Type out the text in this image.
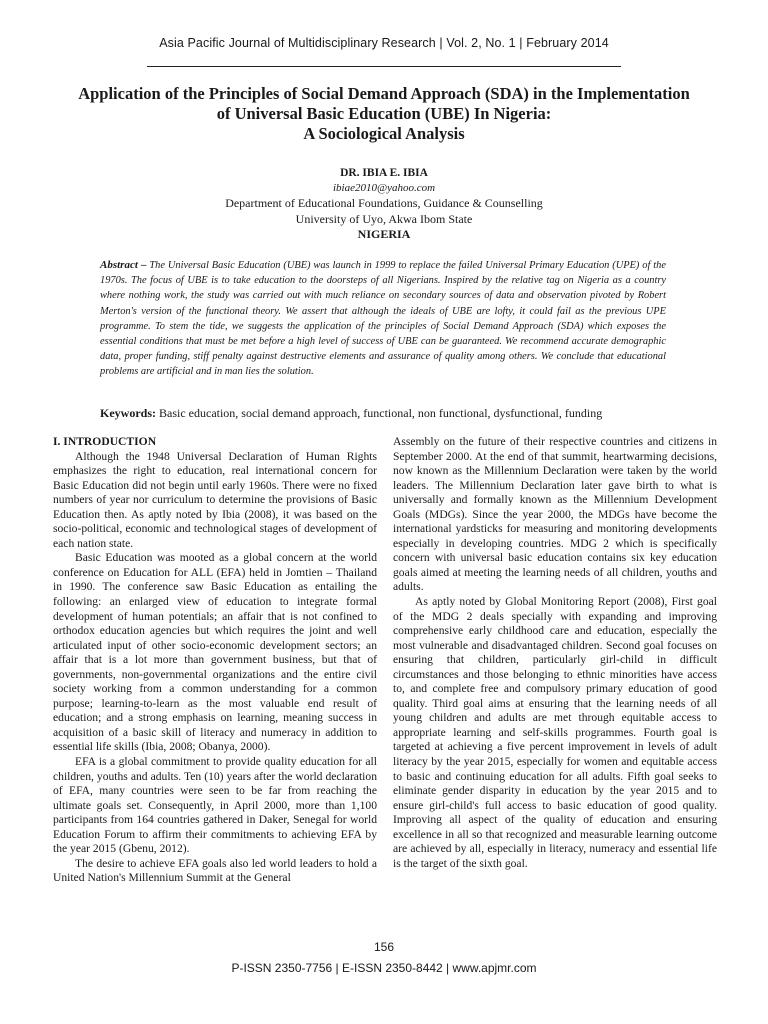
Asia Pacific Journal of Multidisciplinary Research | Vol. 2, No. 1 | February 2014
Application of the Principles of Social Demand Approach (SDA) in the Implementation
of Universal Basic Education (UBE) In Nigeria:
A Sociological Analysis
DR. IBIA E. IBIA
ibiae2010@yahoo.com
Department of Educational Foundations, Guidance & Counselling
University of Uyo, Akwa Ibom State
NIGERIA
Abstract – The Universal Basic Education (UBE) was launch in 1999 to replace the failed Universal Primary Education (UPE) of the 1970s. The focus of UBE is to take education to the doorsteps of all Nigerians. Inspired by the relative tag on Nigeria as a country where nothing work, the study was carried out with much reliance on secondary sources of data and observation pivoted by Robert Merton's version of the functional theory. We assert that although the ideals of UBE are lofty, it could fail as the previous UPE programme. To stem the tide, we suggests the application of the principles of Social Demand Approach (SDA) which exposes the essential conditions that must be met before a high level of success of UBE can be guaranteed. We recommend accurate demographic data, proper funding, stiff penalty against destructive elements and assurance of quality among others. We conclude that educational problems are artificial and in man lies the solution.
Keywords: Basic education, social demand approach, functional, non functional, dysfunctional, funding

I. INTRODUCTION

Although the 1948 Universal Declaration of Human Rights emphasizes the right to education, real international concern for Basic Education did not begin until early 1960s. There were no fixed numbers of year nor curriculum to determine the provisions of Basic Education then. As aptly noted by Ibia (2008), it was based on the socio-political, economic and technological stages of development of each nation state.

Basic Education was mooted as a global concern at the world conference on Education for ALL (EFA) held in Jomtien – Thailand in 1990. The conference saw Basic Education as entailing the following: an enlarged view of education to integrate formal development of human potentials; an affair that is not confined to orthodox education agencies but which requires the joint and well articulated input of other socio-economic development sectors; an affair that is a lot more than government business, but that of governments, non-governmental organizations and the entire civil society working from a common understanding for a common purpose; learning-to-learn as the most valuable end result of education; and a strong emphasis on learning, meaning success in acquisition of a basic skill of literacy and numeracy in addition to essential life skills (Ibia, 2008; Obanya, 2000).

EFA is a global commitment to provide quality education for all children, youths and adults. Ten (10) years after the world declaration of EFA, many countries were seen to be far from reaching the ultimate goals set. Consequently, in April 2000, more than 1,100 participants from 164 countries gathered in Daker, Senegal for world Education Forum to affirm their commitments to achieving EFA by the year 2015 (Gbenu, 2012).

The desire to achieve EFA goals also led world leaders to hold a United Nation's Millennium Summit at the General

Assembly on the future of their respective countries and citizens in September 2000. At the end of that summit, heartwarming decisions, now known as the Millennium Declaration were taken by the world leaders. The Millennium Declaration later gave birth to what is universally and formally known as the Millennium Development Goals (MDGs). Since the year 2000, the MDGs have become the international yardsticks for measuring and monitoring developments especially in developing countries. MDG 2 which is specifically concern with universal basic education contains six key education goals aimed at meeting the learning needs of all children, youths and adults.

As aptly noted by Global Monitoring Report (2008), First goal of the MDG 2 deals specially with expanding and improving comprehensive early childhood care and education, especially the most vulnerable and disadvantaged children. Second goal focuses on ensuring that children, particularly girl-child in difficult circumstances and those belonging to ethnic minorities have access to, and complete free and compulsory primary education of good quality. Third goal aims at ensuring that the learning needs of all young children and adults are met through equitable access to appropriate learning and self-skills programmes. Fourth goal is targeted at achieving a five percent improvement in levels of adult literacy by the year 2015, especially for women and equitable access to basic and continuing education for all adults. Fifth goal seeks to eliminate gender disparity in education by the year 2015 and to ensure girl-child's full access to basic education of good quality. Improving all aspect of the quality of education and ensuring excellence in all so that recognized and measurable learning outcome are achieved by all, especially in literacy, numeracy and essential life is the target of the sixth goal.

156
P-ISSN 2350-7756 | E-ISSN 2350-8442 | www.apjmr.com
